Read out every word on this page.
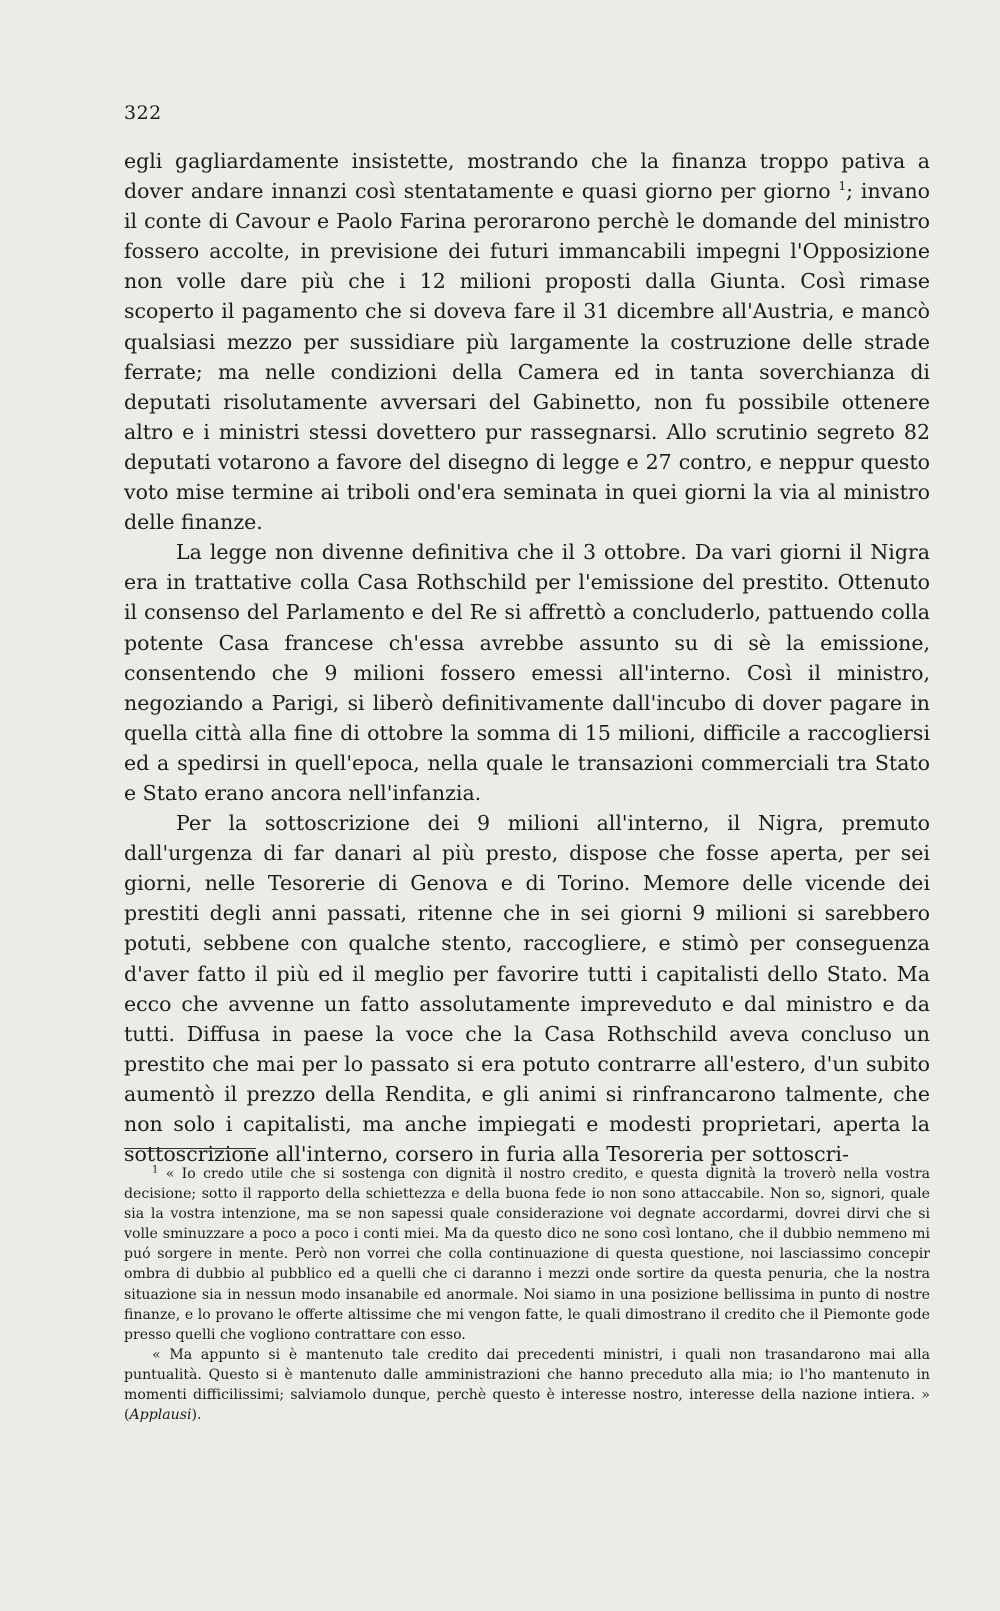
322

egli gagliardamente insistette, mostrando che la finanza troppo pativa a dover andare innanzi così stentatamente e quasi giorno per giorno $^1$; invano il conte di Cavour e Paolo Farina perorarono perchè le domande del ministro fossero accolte, in previsione dei futuri immancabili impegni l'Opposizione non volle dare più che i 12 milioni proposti dalla Giunta. Così rimase scoperto il pagamento che si doveva fare il 31 dicembre all'Austria, e mancò qualsiasi mezzo per sussidiare più largamente la costruzione delle strade ferrate; ma nelle condizioni della Camera ed in tanta soverchianza di deputati risolutamente avversari del Gabinetto, non fu possibile ottenere altro e i ministri stessi dovettero pur rassegnarsi. Allo scrutinio segreto 82 deputati votarono a favore del disegno di legge e 27 contro, e neppur questo voto mise termine ai triboli ond'era seminata in quei giorni la via al ministro delle finanze.

La legge non divenne definitiva che il 3 ottobre. Da vari giorni il Nigra era in trattative colla Casa Rothschild per l'emissione del prestito. Ottenuto il consenso del Parlamento e del Re si affrettò a concluderlo, pattuendo colla potente Casa francese ch'essa avrebbe assunto su di sè la emissione, consentendo che 9 milioni fossero emessi all'interno. Così il ministro, negoziando a Parigi, si liberò definitivamente dall'incubo di dover pagare in quella città alla fine di ottobre la somma di 15 milioni, difficile a raccogliersi ed a spedirsi in quell'epoca, nella quale le transazioni commerciali tra Stato e Stato erano ancora nell'infanzia.

Per la sottoscrizione dei 9 milioni all'interno, il Nigra, premuto dall'urgenza di far danari al più presto, dispose che fosse aperta, per sei giorni, nelle Tesorerie di Genova e di Torino. Memore delle vicende dei prestiti degli anni passati, ritenne che in sei giorni 9 milioni si sarebbero potuti, sebbene con qualche stento, raccogliere, e stimò per conseguenza d'aver fatto il più ed il meglio per favorire tutti i capitalisti dello Stato. Ma ecco che avvenne un fatto assolutamente impreveduto e dal ministro e da tutti. Diffusa in paese la voce che la Casa Rothschild aveva concluso un prestito che mai per lo passato si era potuto contrarre all'estero, d'un subito aumentò il prezzo della Rendita, e gli animi si rinfrancarono talmente, che non solo i capitalisti, ma anche impiegati e modesti proprietari, aperta la sottoscrizione all'interno, corsero in furia alla Tesoreria per sottoscri-

$^1$ « Io credo utile che si sostenga con dignità il nostro credito, e questa dignità la troverò nella vostra decisione; sotto il rapporto della schiettezza e della buona fede io non sono attaccabile. Non so, signori, quale sia la vostra intenzione, ma se non sapessi quale considerazione voi degnate accordarmi, dovrei dirvi che si volle sminuzzare a poco a poco i conti miei. Ma da questo dico ne sono così lontano, che il dubbio nemmeno mi puó sorgere in mente. Però non vorrei che colla continuazione di questa questione, noi lasciassimo concepir ombra di dubbio al pubblico ed a quelli che ci daranno i mezzi onde sortire da questa penuria, che la nostra situazione sia in nessun modo insanabile ed anormale. Noi siamo in una posizione bellissima in punto di nostre finanze, e lo provano le offerte altissime che mi vengon fatte, le quali dimostrano il credito che il Piemonte gode presso quelli che vogliono contrattare con esso.

« Ma appunto si è mantenuto tale credito dai precedenti ministri, i quali non trasandarono mai alla puntualità. Questo si è mantenuto dalle amministrazioni che hanno preceduto alla mia; io l'ho mantenuto in momenti difficilissimi; salviamolo dunque, perchè questo è interesse nostro, interesse della nazione intiera. » (Applausi).
